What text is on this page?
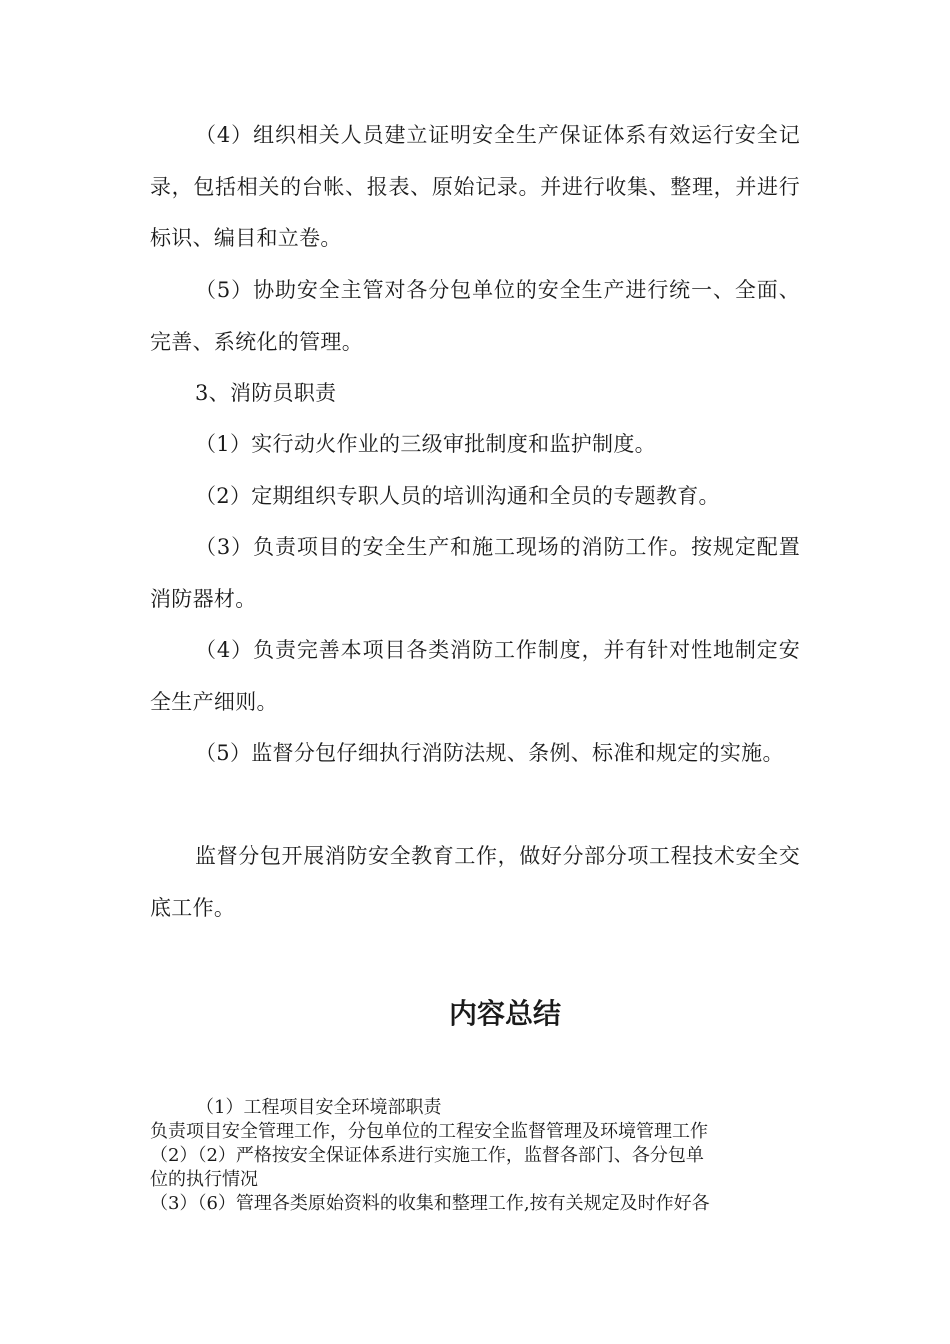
（4）组织相关人员建立证明安全生产保证体系有效运行安全记录，包括相关的台帐、报表、原始记录。并进行收集、整理，并进行标识、编目和立卷。

（5）协助安全主管对各分包单位的安全生产进行统一、全面、完善、系统化的管理。

3、消防员职责

（1）实行动火作业的三级审批制度和监护制度。

（2）定期组织专职人员的培训沟通和全员的专题教育。

（3）负责项目的安全生产和施工现场的消防工作。按规定配置消防器材。

（4）负责完善本项目各类消防工作制度，并有针对性地制定安全生产细则。

（5）监督分包仔细执行消防法规、条例、标准和规定的实施。

监督分包开展消防安全教育工作，做好分部分项工程技术安全交底工作。

内容总结
（1）工程项目安全环境部职责
负责项目安全管理工作，分包单位的工程安全监督管理及环境管理工作
（2）（2）严格按安全保证体系进行实施工作，监督各部门、各分包单
位的执行情况
（3）（6）管理各类原始资料的收集和整理工作,按有关规定及时作好各
